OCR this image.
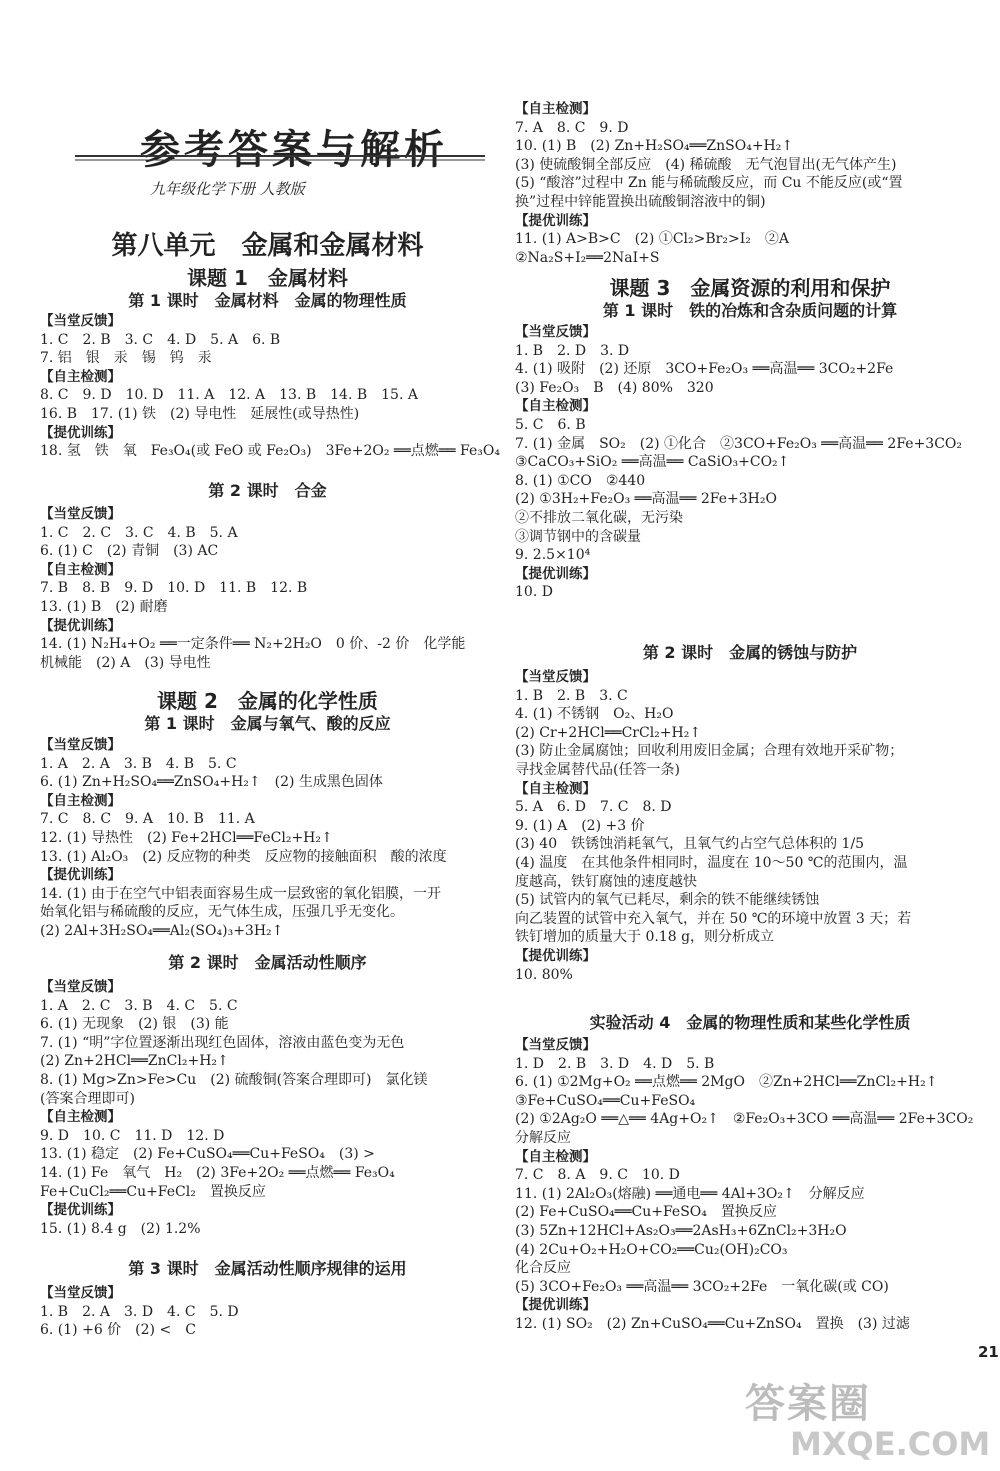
参考答案与解析
九年级化学下册 人教版
第八单元　金属和金属材料
课题 1　金属材料
第 1 课时　金属材料　金属的物理性质
【当堂反馈】
1. C　2. B　3. C　4. D　5. A　6. B
7. 铝　银　汞　锡　钨　汞
【自主检测】
8. C　9. D　10. D　11. A　12. A　13. B　14. B　15. A
16. B　17. (1) 铁　(2) 导电性　延展性(或导热性)
【提优训练】
18. 氢　铁　氧　Fe₃O₄(或 FeO 或 Fe₂O₃)　3Fe+2O₂ ══点燃══ Fe₃O₄
第 2 课时　合金
【当堂反馈】
1. C　2. C　3. C　4. B　5. A
6. (1) C　(2) 青铜　(3) AC
【自主检测】
7. B　8. B　9. D　10. D　11. B　12. B
13. (1) B　(2) 耐磨
【提优训练】
14. (1) N₂H₄+O₂ ══一定条件══ N₂+2H₂O　0 价、-2 价　化学能
机械能　(2) A　(3) 导电性
课题 2　金属的化学性质
第 1 课时　金属与氧气、酸的反应
【当堂反馈】
1. A　2. A　3. B　4. B　5. C
6. (1) Zn+H₂SO₄══ZnSO₄+H₂↑　(2) 生成黑色固体
【自主检测】
7. C　8. C　9. A　10. B　11. A
12. (1) 导热性　(2) Fe+2HCl══FeCl₂+H₂↑
13. (1) Al₂O₃　(2) 反应物的种类　反应物的接触面积　酸的浓度
【提优训练】
14. (1) 由于在空气中铝表面容易生成一层致密的氧化铝膜，一开
始氧化铝与稀硫酸的反应，无气体生成，压强几乎无变化。
(2) 2Al+3H₂SO₄══Al₂(SO₄)₃+3H₂↑
第 2 课时　金属活动性顺序
【当堂反馈】
1. A　2. C　3. B　4. C　5. C
6. (1) 无现象　(2) 银　(3) 能
7. (1) “明”字位置逐渐出现红色固体，溶液由蓝色变为无色
(2) Zn+2HCl══ZnCl₂+H₂↑
8. (1) Mg>Zn>Fe>Cu　(2) 硫酸铜(答案合理即可)　氯化镁
(答案合理即可)
【自主检测】
9. D　10. C　11. D　12. D
13. (1) 稳定　(2) Fe+CuSO₄══Cu+FeSO₄　(3) >
14. (1) Fe　氧气　H₂　(2) 3Fe+2O₂ ══点燃══ Fe₃O₄
Fe+CuCl₂══Cu+FeCl₂　置换反应
【提优训练】
15. (1) 8.4 g　(2) 1.2%
第 3 课时　金属活动性顺序规律的运用
【当堂反馈】
1. B　2. A　3. D　4. C　5. D
6. (1) +6 价　(2) <　C
【自主检测】
7. A　8. C　9. D
10. (1) B　(2) Zn+H₂SO₄══ZnSO₄+H₂↑
(3) 使硫酸铜全部反应　(4) 稀硫酸　无气泡冒出(无气体产生)
(5) “酸溶”过程中 Zn 能与稀硫酸反应，而 Cu 不能反应(或“置
换”过程中锌能置换出硫酸铜溶液中的铜)
【提优训练】
11. (1) A>B>C　(2) ①Cl₂>Br₂>I₂　②A
②Na₂S+I₂══2NaI+S
课题 3　金属资源的利用和保护
第 1 课时　铁的冶炼和含杂质问题的计算
【当堂反馈】
1. B　2. D　3. D
4. (1) 吸附　(2) 还原　3CO+Fe₂O₃ ══高温══ 3CO₂+2Fe
(3) Fe₂O₃　B　(4) 80%　320
【自主检测】
5. C　6. B
7. (1) 金属　SO₂　(2) ①化合　②3CO+Fe₂O₃ ══高温══ 2Fe+3CO₂
③CaCO₃+SiO₂ ══高温══ CaSiO₃+CO₂↑
8. (1) ①CO　②440
(2) ①3H₂+Fe₂O₃ ══高温══ 2Fe+3H₂O
②不排放二氧化碳，无污染
③调节钢中的含碳量
9. 2.5×10⁴
【提优训练】
10. D
第 2 课时　金属的锈蚀与防护
【当堂反馈】
1. B　2. B　3. C
4. (1) 不锈钢　O₂、H₂O
(2) Cr+2HCl══CrCl₂+H₂↑
(3) 防止金属腐蚀；回收利用废旧金属；合理有效地开采矿物；
寻找金属替代品(任答一条)
【自主检测】
5. A　6. D　7. C　8. D
9. (1) A　(2) +3 价
(3) 40　铁锈蚀消耗氧气，且氧气约占空气总体积的 1/5
(4) 温度　在其他条件相同时，温度在 10～50 ℃的范围内，温
度越高，铁钉腐蚀的速度越快
(5) 试管内的氧气已耗尽，剩余的铁不能继续锈蚀
向乙装置的试管中充入氧气，并在 50 ℃的环境中放置 3 天；若
铁钉增加的质量大于 0.18 g，则分析成立
【提优训练】
10. 80%
实验活动 4　金属的物理性质和某些化学性质
【当堂反馈】
1. D　2. B　3. D　4. D　5. B
6. (1) ①2Mg+O₂ ══点燃══ 2MgO　②Zn+2HCl══ZnCl₂+H₂↑
③Fe+CuSO₄══Cu+FeSO₄
(2) ①2Ag₂O ══△══ 4Ag+O₂↑　②Fe₂O₃+3CO ══高温══ 2Fe+3CO₂
分解反应
【自主检测】
7. C　8. A　9. C　10. D
11. (1) 2Al₂O₃(熔融) ══通电══ 4Al+3O₂↑　分解反应
(2) Fe+CuSO₄══Cu+FeSO₄　置换反应
(3) 5Zn+12HCl+As₂O₃══2AsH₃+6ZnCl₂+3H₂O
(4) 2Cu+O₂+H₂O+CO₂══Cu₂(OH)₂CO₃
化合反应
(5) 3CO+Fe₂O₃ ══高温══ 3CO₂+2Fe　一氧化碳(或 CO)
【提优训练】
12. (1) SO₂　(2) Zn+CuSO₄══Cu+ZnSO₄　置换　(3) 过滤
21
答案圈
MXQE.COM
